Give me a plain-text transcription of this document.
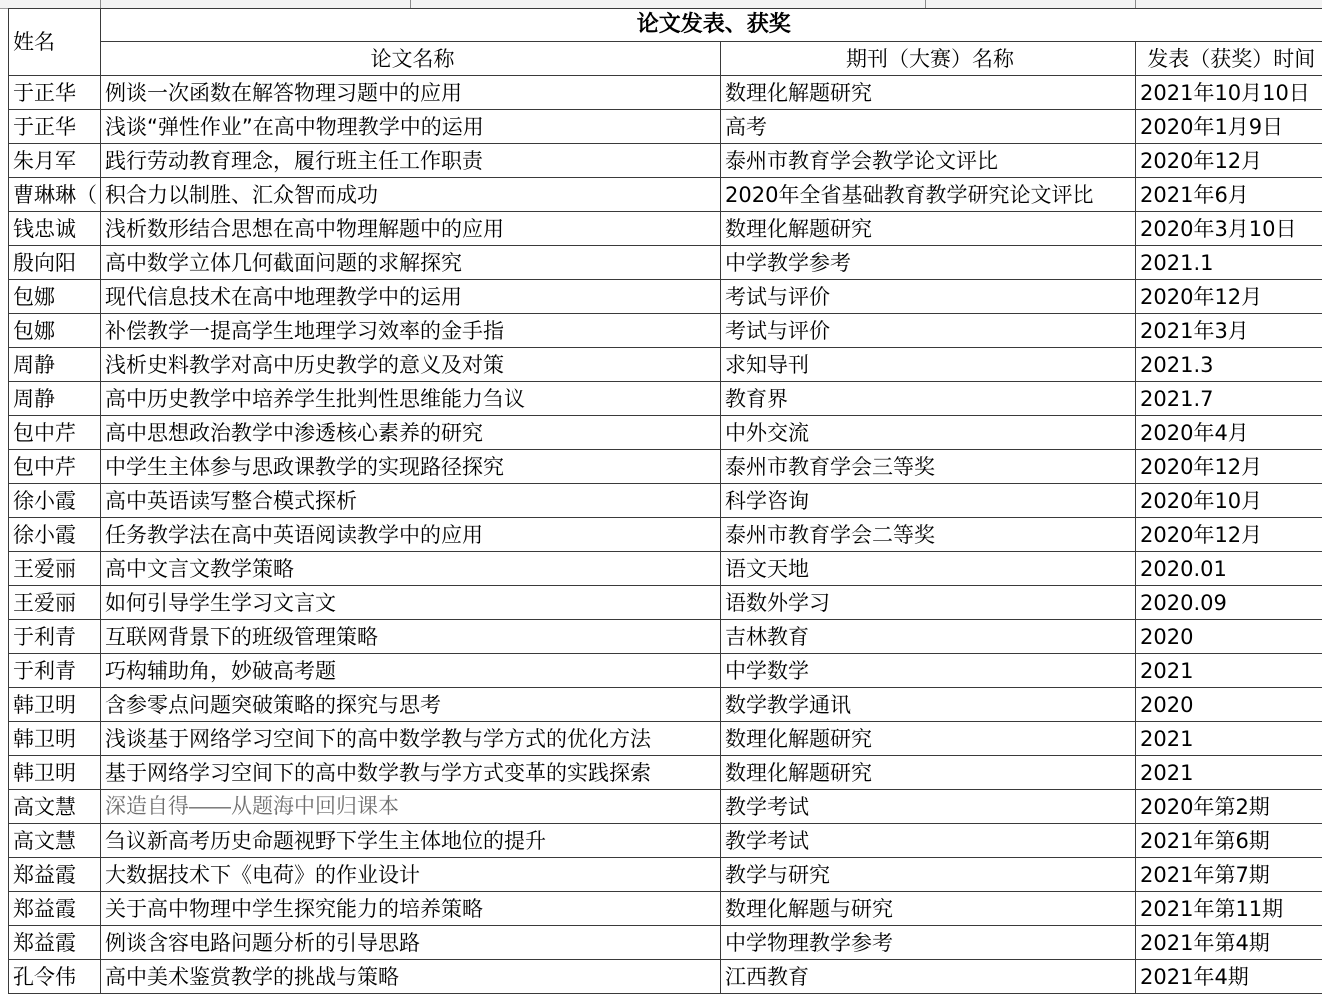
姓名	论文发表、获奖		
	论文名称	期刊（大赛）名称	发表（获奖）时间
于正华	例谈一次函数在解答物理习题中的应用	数理化解题研究	2021年10月10日
于正华	浅谈“弹性作业”在高中物理教学中的运用	高考	2020年1月9日
朱月军	践行劳动教育理念，履行班主任工作职责	泰州市教育学会教学论文评比	2020年12月
曹琳琳（	积合力以制胜、汇众智而成功	2020年全省基础教育教学研究论文评比	2021年6月
钱忠诚	浅析数形结合思想在高中物理解题中的应用	数理化解题研究	2020年3月10日
殷向阳	高中数学立体几何截面问题的求解探究	中学教学参考	2021.1
包娜	现代信息技术在高中地理教学中的运用	考试与评价	2020年12月
包娜	补偿教学一提高学生地理学习效率的金手指	考试与评价	2021年3月
周静	浅析史料教学对高中历史教学的意义及对策	求知导刊	2021.3
周静	高中历史教学中培养学生批判性思维能力刍议	教育界	2021.7
包中芹	高中思想政治教学中渗透核心素养的研究	中外交流	2020年4月
包中芹	中学生主体参与思政课教学的实现路径探究	泰州市教育学会三等奖	2020年12月
徐小霞	高中英语读写整合模式探析	科学咨询	2020年10月
徐小霞	任务教学法在高中英语阅读教学中的应用	泰州市教育学会二等奖	2020年12月
王爱丽	高中文言文教学策略	语文天地	2020.01
王爱丽	如何引导学生学习文言文	语数外学习	2020.09
于利青	互联网背景下的班级管理策略	吉林教育	2020
于利青	巧构辅助角，妙破高考题	中学数学	2021
韩卫明	含参零点问题突破策略的探究与思考	数学教学通讯	2020
韩卫明	浅谈基于网络学习空间下的高中数学教与学方式的优化方法	数理化解题研究	2021
韩卫明	基于网络学习空间下的高中数学教与学方式变革的实践探索	数理化解题研究	2021
高文慧	深造自得——从题海中回归课本	教学考试	2020年第2期
高文慧	刍议新高考历史命题视野下学生主体地位的提升	教学考试	2021年第6期
郑益霞	大数据技术下《电荷》的作业设计	教学与研究	2021年第7期
郑益霞	关于高中物理中学生探究能力的培养策略	数理化解题与研究	2021年第11期
郑益霞	例谈含容电路问题分析的引导思路	中学物理教学参考	2021年第4期
孔令伟	高中美术鉴赏教学的挑战与策略	江西教育	2021年4期
